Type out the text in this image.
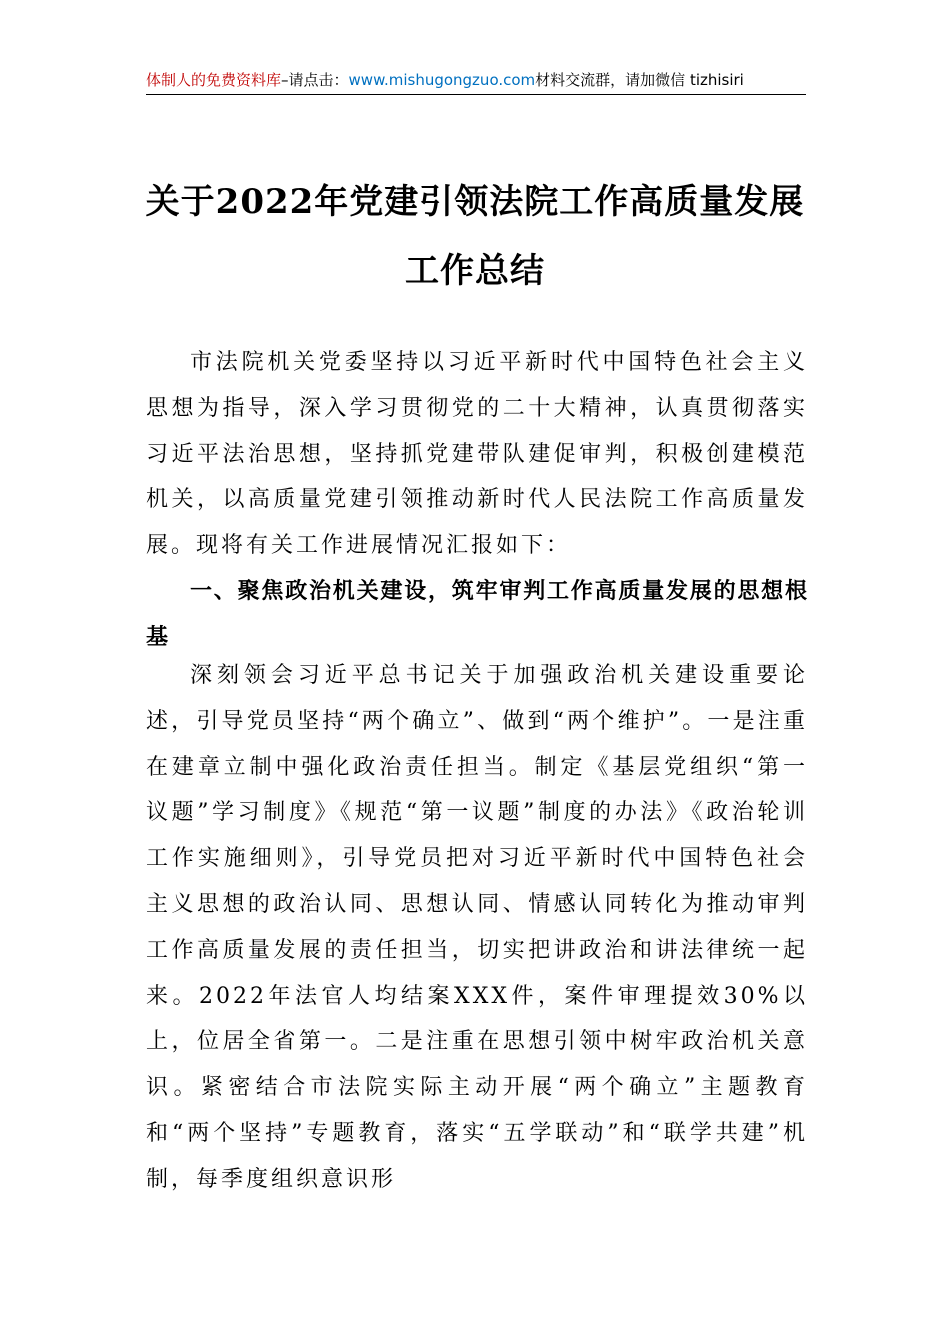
体制人的免费资料库–请点击：www.mishugongzuo.com材料交流群，请加微信 tizhisiri
关于2022年党建引领法院工作高质量发展
工作总结

市法院机关党委坚持以习近平新时代中国特色社会主义思想为指导，深入学习贯彻党的二十大精神，认真贯彻落实习近平法治思想，坚持抓党建带队建促审判，积极创建模范机关，以高质量党建引领推动新时代人民法院工作高质量发展。现将有关工作进展情况汇报如下：

一、聚焦政治机关建设，筑牢审判工作高质量发展的思想根基

深刻领会习近平总书记关于加强政治机关建设重要论述，引导党员坚持“两个确立”、做到“两个维护”。一是注重在建章立制中强化政治责任担当。制定《基层党组织“第一议题”学习制度》《规范“第一议题”制度的办法》《政治轮训工作实施细则》，引导党员把对习近平新时代中国特色社会主义思想的政治认同、思想认同、情感认同转化为推动审判工作高质量发展的责任担当，切实把讲政治和讲法律统一起来。2022年法官人均结案XXX件，案件审理提效30%以上，位居全省第一。二是注重在思想引领中树牢政治机关意识。紧密结合市法院实际主动开展“两个确立”主题教育和“两个坚持”专题教育，落实“五学联动”和“联学共建”机制，每季度组织意识形
